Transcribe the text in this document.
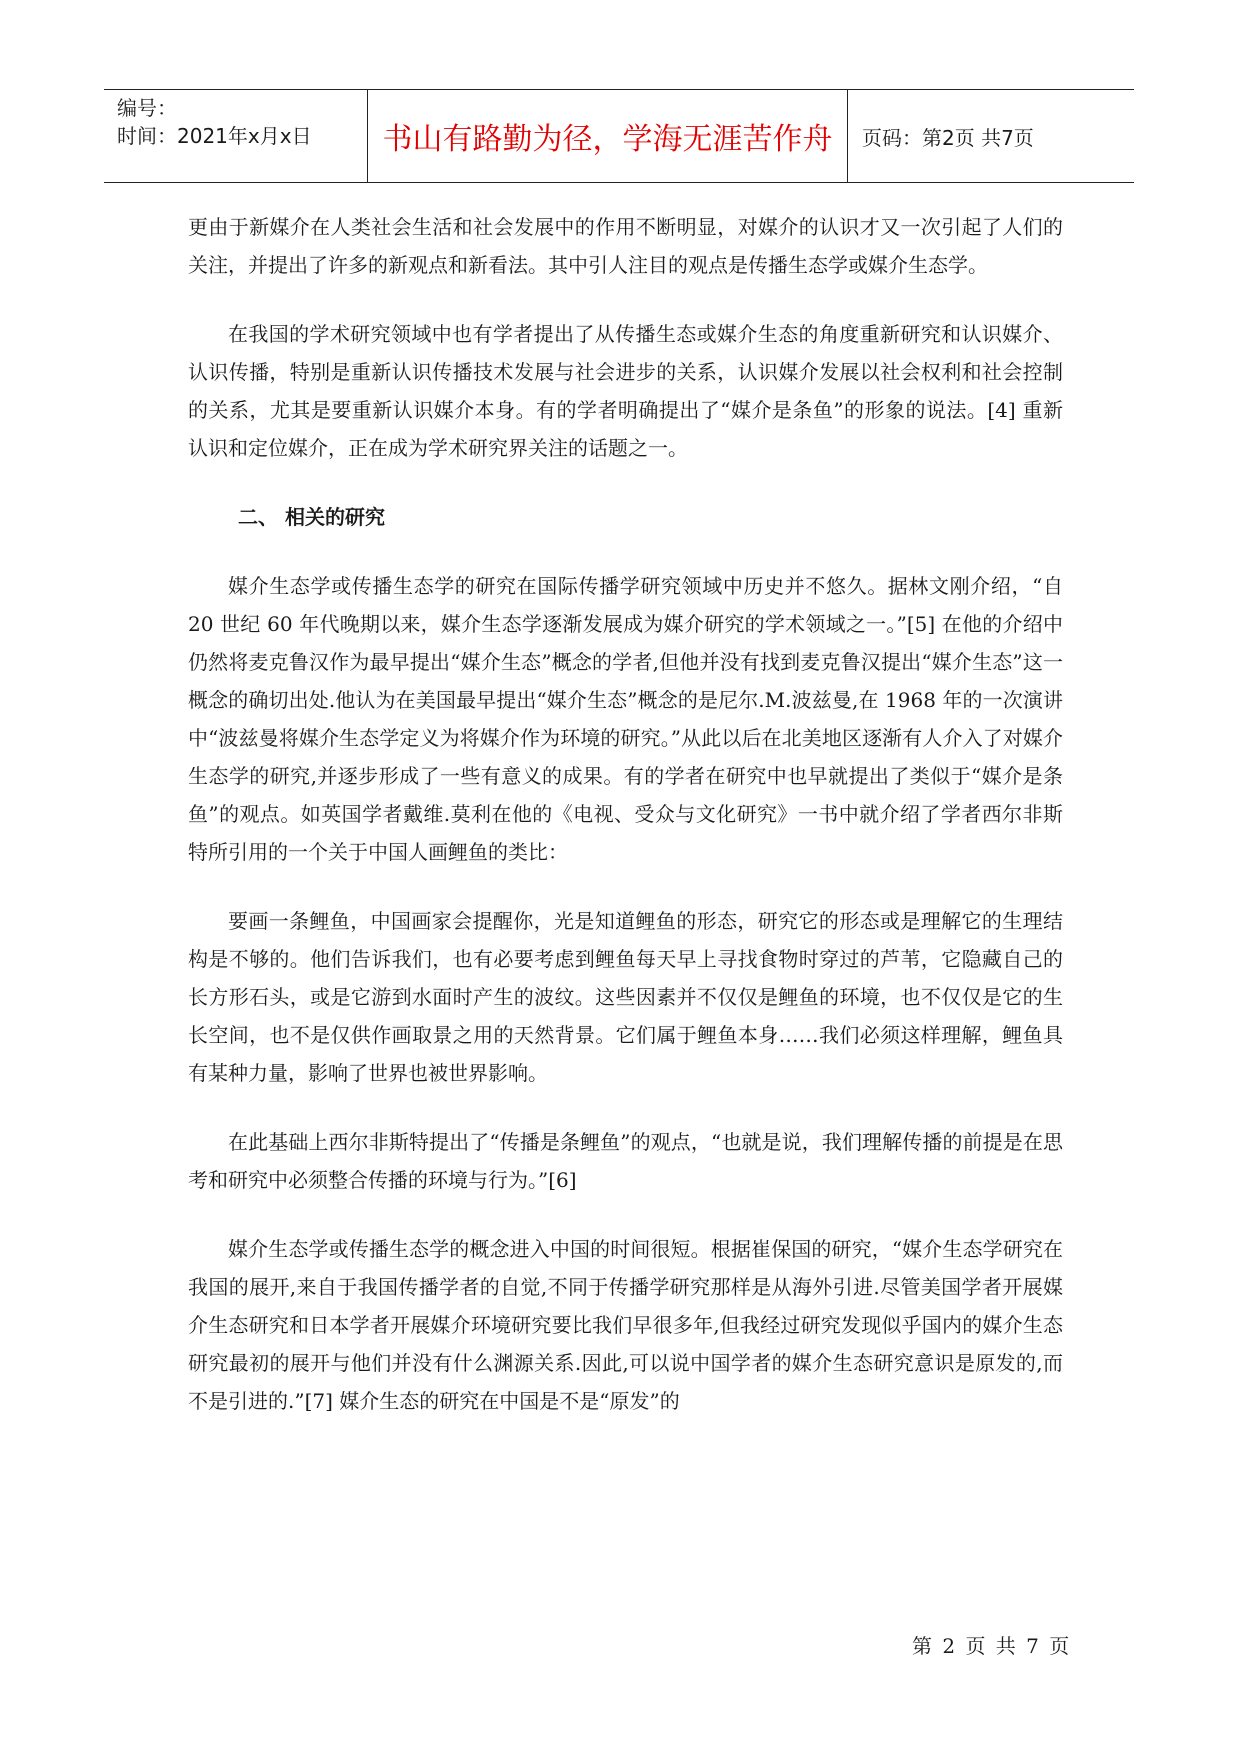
编号：
时间：2021年x月x日	书山有路勤为径，学海无涯苦作舟 页码：第2页 共7页

更由于新媒介在人类社会生活和社会发展中的作用不断明显，对媒介的认识才又一次引起了人们的关注，并提出了许多的新观点和新看法。其中引人注目的观点是传播生态学或媒介生态学。

在我国的学术研究领域中也有学者提出了从传播生态或媒介生态的角度重新研究和认识媒介、认识传播，特别是重新认识传播技术发展与社会进步的关系，认识媒介发展以社会权利和社会控制的关系，尤其是要重新认识媒介本身。有的学者明确提出了“媒介是条鱼”的形象的说法。[4] 重新认识和定位媒介，正在成为学术研究界关注的话题之一。

二、 相关的研究

媒介生态学或传播生态学的研究在国际传播学研究领域中历史并不悠久。据林文刚介绍，“自 20 世纪 60 年代晚期以来，媒介生态学逐渐发展成为媒介研究的学术领域之一。”[5] 在他的介绍中仍然将麦克鲁汉作为最早提出“媒介生态”概念的学者,但他并没有找到麦克鲁汉提出“媒介生态”这一概念的确切出处.他认为在美国最早提出“媒介生态”概念的是尼尔.M.波兹曼,在 1968 年的一次演讲中“波兹曼将媒介生态学定义为将媒介作为环境的研究。”从此以后在北美地区逐渐有人介入了对媒介生态学的研究,并逐步形成了一些有意义的成果。有的学者在研究中也早就提出了类似于“媒介是条鱼”的观点。如英国学者戴维.莫利在他的《电视、受众与文化研究》一书中就介绍了学者西尔非斯特所引用的一个关于中国人画鲤鱼的类比：

要画一条鲤鱼，中国画家会提醒你，光是知道鲤鱼的形态，研究它的形态或是理解它的生理结构是不够的。他们告诉我们，也有必要考虑到鲤鱼每天早上寻找食物时穿过的芦苇，它隐藏自己的长方形石头，或是它游到水面时产生的波纹。这些因素并不仅仅是鲤鱼的环境，也不仅仅是它的生长空间，也不是仅供作画取景之用的天然背景。它们属于鲤鱼本身……我们必须这样理解，鲤鱼具有某种力量，影响了世界也被世界影响。

在此基础上西尔非斯特提出了“传播是条鲤鱼”的观点，“也就是说，我们理解传播的前提是在思考和研究中必须整合传播的环境与行为。”[6]

媒介生态学或传播生态学的概念进入中国的时间很短。根据崔保国的研究，“媒介生态学研究在我国的展开,来自于我国传播学者的自觉,不同于传播学研究那样是从海外引进.尽管美国学者开展媒介生态研究和日本学者开展媒介环境研究要比我们早很多年,但我经过研究发现似乎国内的媒介生态研究最初的展开与他们并没有什么渊源关系.因此,可以说中国学者的媒介生态研究意识是原发的,而不是引进的.”[7] 媒介生态的研究在中国是不是“原发”的

第 2 页 共 7 页
